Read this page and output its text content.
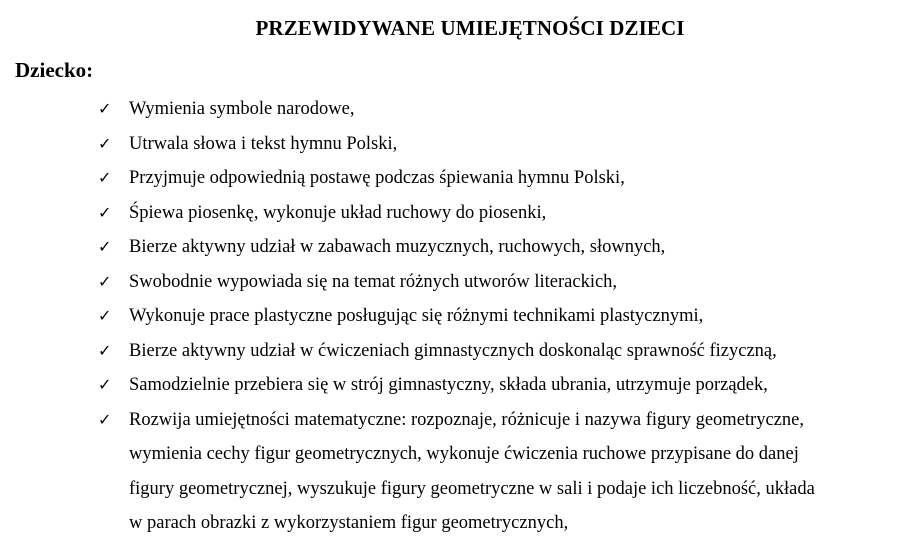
PRZEWIDYWANE UMIEJĘTNOŚCI DZIECI
Dziecko:
✓ Wymienia symbole narodowe,
✓ Utrwala słowa i tekst hymnu Polski,
✓ Przyjmuje odpowiednią postawę podczas śpiewania hymnu Polski,
✓ Śpiewa piosenkę, wykonuje układ ruchowy do piosenki,
✓ Bierze aktywny udział w zabawach muzycznych, ruchowych, słownych,
✓ Swobodnie wypowiada się na temat różnych utworów literackich,
✓ Wykonuje prace plastyczne posługując się różnymi technikami plastycznymi,
✓ Bierze aktywny udział w ćwiczeniach gimnastycznych doskonaląc sprawność fizyczną,
✓ Samodzielnie przebiera się w strój gimnastyczny, składa ubrania, utrzymuje porządek,
✓ Rozwija umiejętności matematyczne: rozpoznaje, różnicuje i nazywa figury geometryczne,
wymienia cechy figur geometrycznych, wykonuje ćwiczenia ruchowe przypisane do danej
figury geometrycznej, wyszukuje figury geometryczne w sali i podaje ich liczebność, układa
w parach obrazki z wykorzystaniem figur geometrycznych,
